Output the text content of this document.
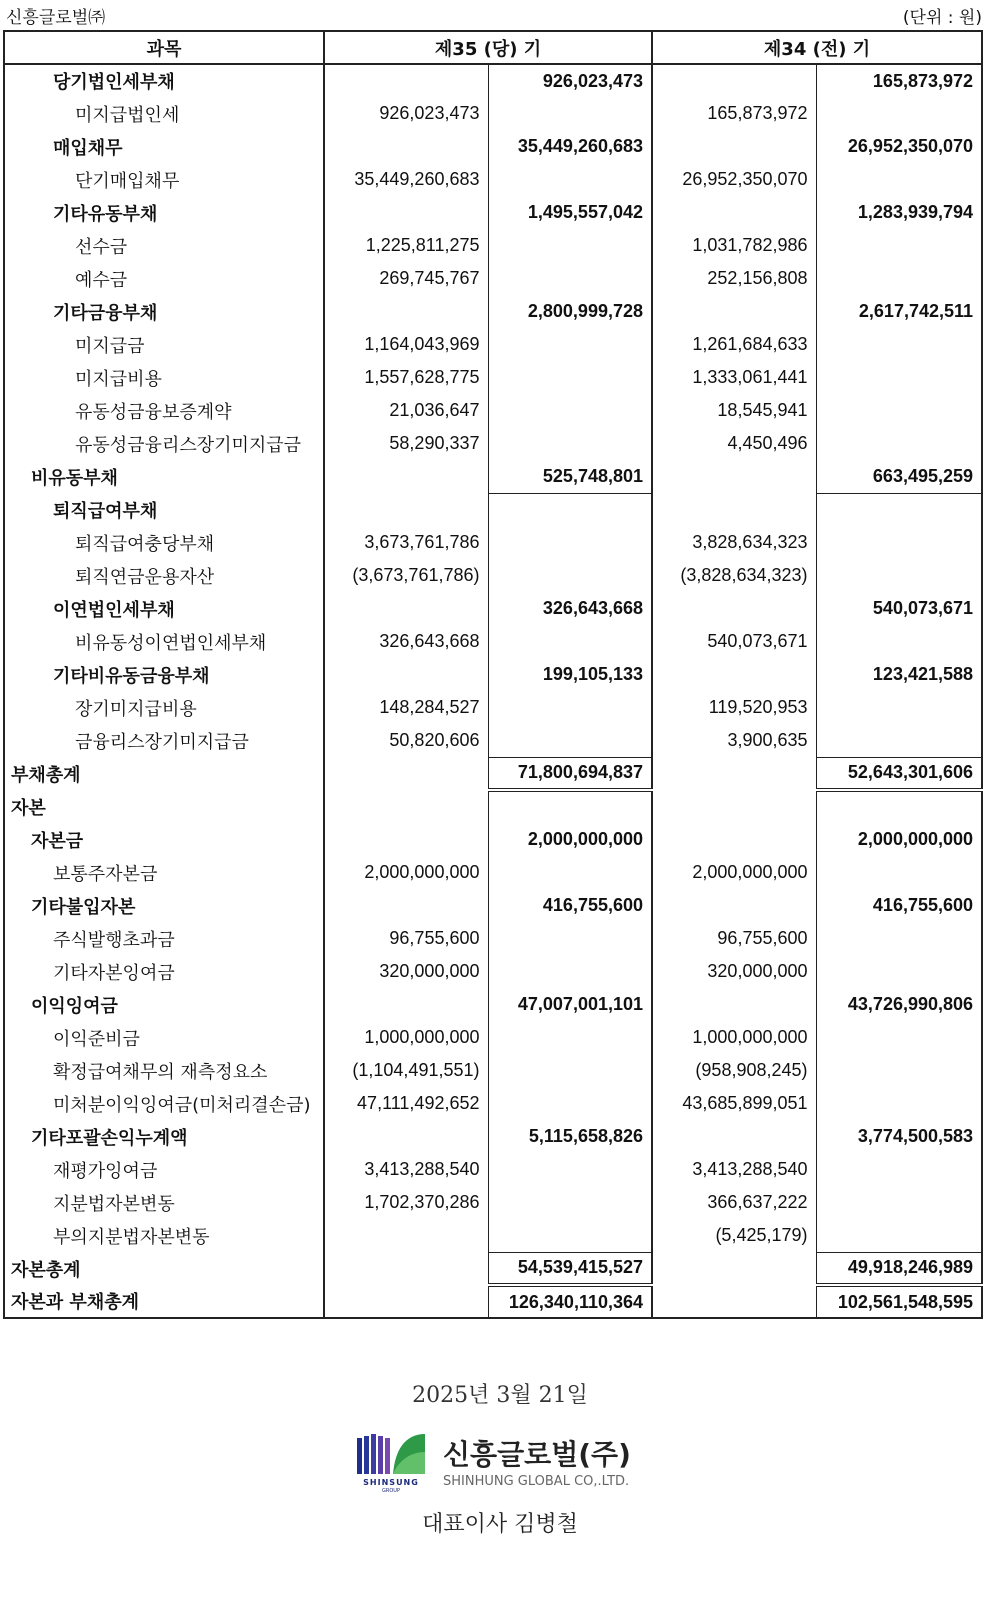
신흥글로벌㈜	(단위 : 원)
과목	제35 (당) 기		제34 (전) 기	
당기법인세부채		926,023,473		165,873,972
미지급법인세	926,023,473		165,873,972	
매입채무		35,449,260,683		26,952,350,070
단기매입채무	35,449,260,683		26,952,350,070	
기타유동부채		1,495,557,042		1,283,939,794
선수금	1,225,811,275		1,031,782,986	
예수금	269,745,767		252,156,808	
기타금융부채		2,800,999,728		2,617,742,511
미지급금	1,164,043,969		1,261,684,633	
미지급비용	1,557,628,775		1,333,061,441	
유동성금융보증계약	21,036,647		18,545,941	
유동성금융리스장기미지급금	58,290,337		4,450,496	
비유동부채		525,748,801		663,495,259
퇴직급여부채				
퇴직급여충당부채	3,673,761,786		3,828,634,323	
퇴직연금운용자산	(3,673,761,786)		(3,828,634,323)	
이연법인세부채		326,643,668		540,073,671
비유동성이연법인세부채	326,643,668		540,073,671	
기타비유동금융부채		199,105,133		123,421,588
장기미지급비용	148,284,527		119,520,953	
금융리스장기미지급금	50,820,606		3,900,635	
부채총계		71,800,694,837		52,643,301,606
자본				
자본금		2,000,000,000		2,000,000,000
보통주자본금	2,000,000,000		2,000,000,000	
기타불입자본		416,755,600		416,755,600
주식발행초과금	96,755,600		96,755,600	
기타자본잉여금	320,000,000		320,000,000	
이익잉여금		47,007,001,101		43,726,990,806
이익준비금	1,000,000,000		1,000,000,000	
확정급여채무의 재측정요소	(1,104,491,551)		(958,908,245)	
미처분이익잉여금(미처리결손금)	47,111,492,652		43,685,899,051	
기타포괄손익누계액		5,115,658,826		3,774,500,583
재평가잉여금	3,413,288,540		3,413,288,540	
지분법자본변동	1,702,370,286		366,637,222	
부의지분법자본변동			(5,425,179)	
자본총계		54,539,415,527		49,918,246,989
자본과 부채총계		126,340,110,364		102,561,548,595
2025년 3월 21일
SHINSUNG
GROUP
신흥글로벌(주)
SHINHUNG GLOBAL CO,.LTD.
대표이사 김병철
